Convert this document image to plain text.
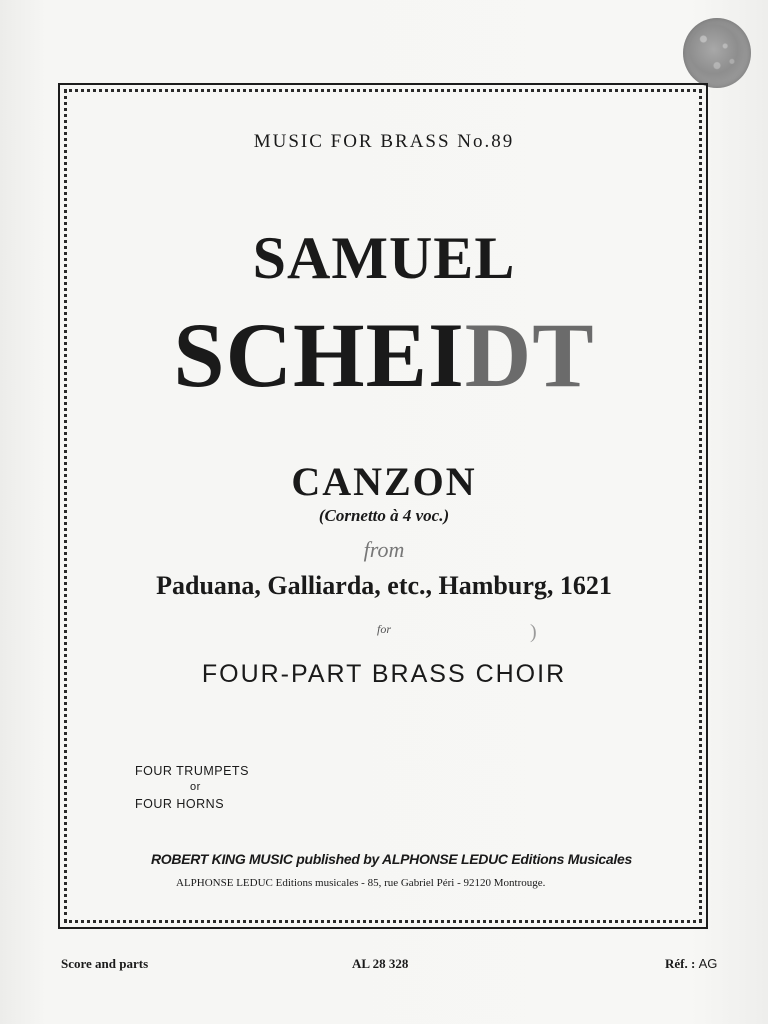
MUSIC FOR BRASS No.89
SAMUEL
SCHEIDT
CANZON
(Cornetto à 4 voc.)
from
Paduana, Galliarda, etc., Hamburg, 1621
for	)
FOUR-PART BRASS CHOIR
FOUR TRUMPETS
or
FOUR HORNS
ROBERT KING MUSIC published by ALPHONSE LEDUC Editions Musicales
ALPHONSE LEDUC Editions musicales - 85, rue Gabriel Péri - 92120 Montrouge.
Score and parts	AL 28 328	Réf. : AG
